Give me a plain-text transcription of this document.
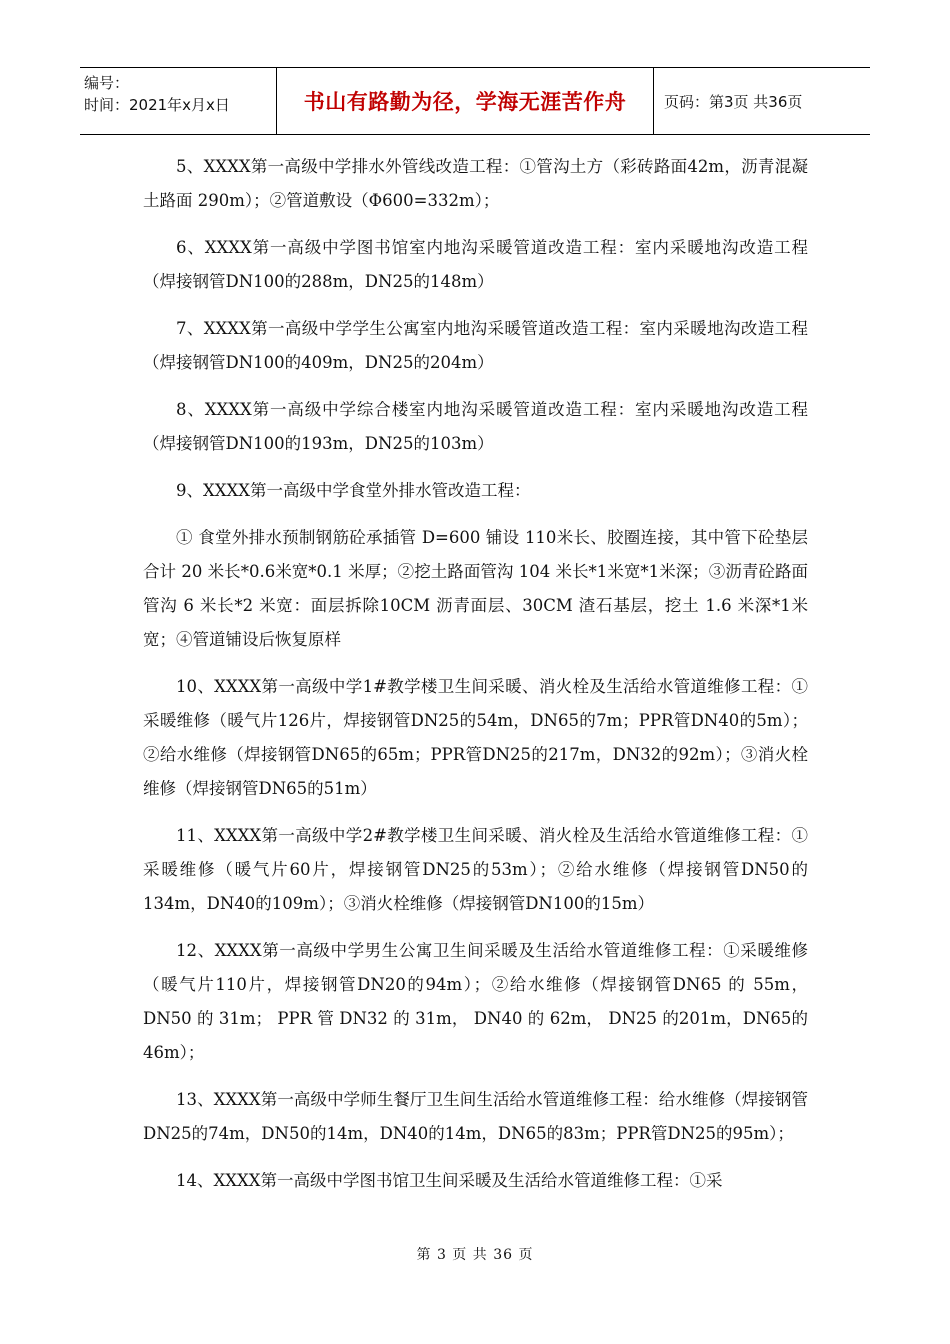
编号：
时间：2021年x月x日	书山有路勤为径，学海无涯苦作舟	页码：第3页 共36页

5、XXXX第一高级中学排水外管线改造工程：①管沟土方（彩砖路面42m，沥青混凝土路面 290m）；②管道敷设（Φ600=332m）；

6、XXXX第一高级中学图书馆室内地沟采暖管道改造工程：室内采暖地沟改造工程（焊接钢管DN100的288m，DN25的148m）

7、XXXX第一高级中学学生公寓室内地沟采暖管道改造工程：室内采暖地沟改造工程（焊接钢管DN100的409m，DN25的204m）

8、XXXX第一高级中学综合楼室内地沟采暖管道改造工程：室内采暖地沟改造工程（焊接钢管DN100的193m，DN25的103m）

9、XXXX第一高级中学食堂外排水管改造工程：

① 食堂外排水预制钢筋砼承插管 D=600 铺设 110米长、胶圈连接，其中管下砼垫层合计 20 米长*0.6米宽*0.1 米厚；②挖土路面管沟 104 米长*1米宽*1米深；③沥青砼路面管沟 6 米长*2 米宽：面层拆除10CM 沥青面层、30CM 渣石基层，挖土 1.6 米深*1米宽；④管道铺设后恢复原样

10、XXXX第一高级中学1#教学楼卫生间采暖、消火栓及生活给水管道维修工程：①采暖维修（暖气片126片，焊接钢管DN25的54m，DN65的7m；PPR管DN40的5m）；②给水维修（焊接钢管DN65的65m；PPR管DN25的217m，DN32的92m）；③消火栓维修（焊接钢管DN65的51m）

11、XXXX第一高级中学2#教学楼卫生间采暖、消火栓及生活给水管道维修工程：①采暖维修（暖气片60片，焊接钢管DN25的53m）；②给水维修（焊接钢管DN50的134m，DN40的109m）；③消火栓维修（焊接钢管DN100的15m）

12、XXXX第一高级中学男生公寓卫生间采暖及生活给水管道维修工程：①采暖维修（暖气片110片，焊接钢管DN20的94m）；②给水维修（焊接钢管DN65 的 55m， DN50 的 31m； PPR 管 DN32 的 31m， DN40 的 62m， DN25 的201m，DN65的46m）；

13、XXXX第一高级中学师生餐厅卫生间生活给水管道维修工程：给水维修（焊接钢管DN25的74m，DN50的14m，DN40的14m，DN65的83m；PPR管DN25的95m）；

14、XXXX第一高级中学图书馆卫生间采暖及生活给水管道维修工程：①采

第 3 页 共 36 页
